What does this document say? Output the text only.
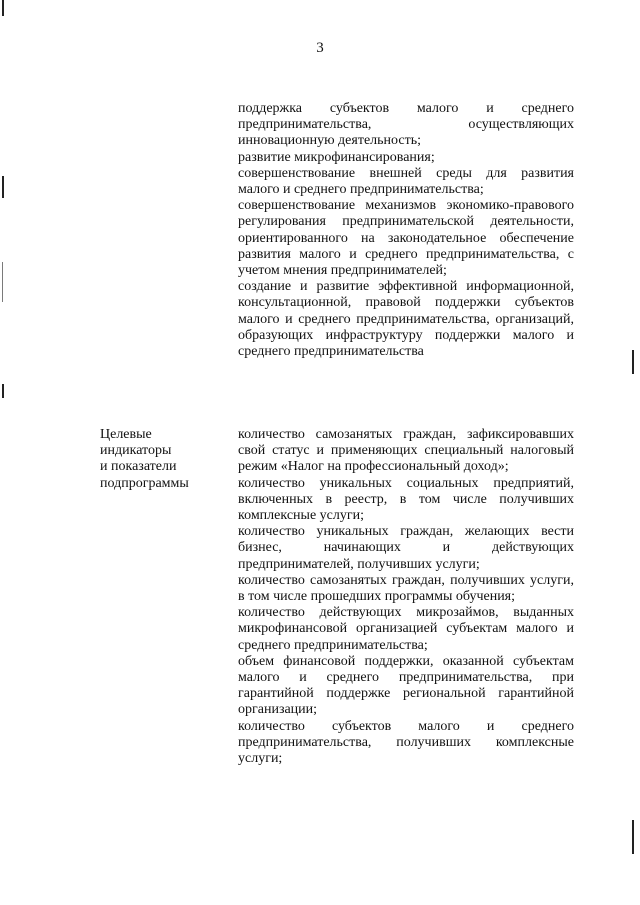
3

поддержка субъектов малого и среднего предпринимательства, осуществляющих инновационную деятельность;

развитие микрофинансирования;

совершенствование внешней среды для развития малого и среднего предпринимательства;

совершенствование механизмов экономико-правового регулирования предпринимательской деятельности, ориентированного на законодательное обеспечение развития малого и среднего предпринимательства, с учетом мнения предпринимателей;

создание и развитие эффективной информационной, консультационной, правовой поддержки субъектов малого и среднего предпринимательства, организаций, образующих инфраструктуру поддержки малого и среднего предпринимательства

Целевые
индикаторы
и показатели
подпрограммы

количество самозанятых граждан, зафиксировавших свой статус и применяющих специальный налоговый режим «Налог на профессиональный доход»;

количество уникальных социальных предприятий, включенных в реестр, в том числе получивших комплексные услуги;

количество уникальных граждан, желающих вести бизнес, начинающих и действующих предпринимателей, получивших услуги;

количество самозанятых граждан, получивших услуги, в том числе прошедших программы обучения;

количество действующих микрозаймов, выданных микрофинансовой организацией субъектам малого и среднего предпринимательства;

объем финансовой поддержки, оказанной субъектам малого и среднего предпринимательства, при гарантийной поддержке региональной гарантийной организации;

количество субъектов малого и среднего предпринимательства, получивших комплексные услуги;
